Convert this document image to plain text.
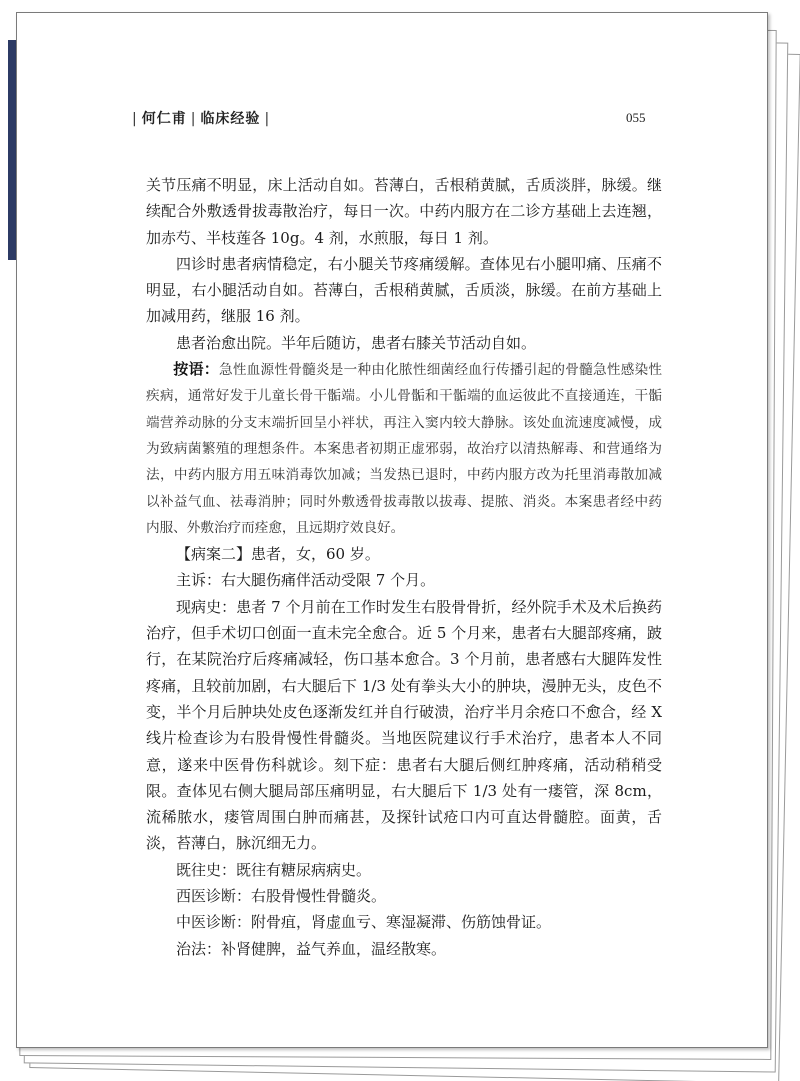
| 何仁甫 | 临床经验 |	055

关节压痛不明显，床上活动自如。苔薄白，舌根稍黄腻，舌质淡胖，脉缓。继续配合外敷透骨拔毒散治疗，每日一次。中药内服方在二诊方基础上去连翘，加赤芍、半枝莲各 10g。4 剂，水煎服，每日 1 剂。

四诊时患者病情稳定，右小腿关节疼痛缓解。查体见右小腿叩痛、压痛不明显，右小腿活动自如。苔薄白，舌根稍黄腻，舌质淡，脉缓。在前方基础上加减用药，继服 16 剂。

患者治愈出院。半年后随访，患者右膝关节活动自如。

按语：急性血源性骨髓炎是一种由化脓性细菌经血行传播引起的骨髓急性感染性疾病，通常好发于儿童长骨干骺端。小儿骨骺和干骺端的血运彼此不直接通连，干骺端营养动脉的分支末端折回呈小袢状，再注入窦内较大静脉。该处血流速度减慢，成为致病菌繁殖的理想条件。本案患者初期正虚邪弱，故治疗以清热解毒、和营通络为法，中药内服方用五味消毒饮加减；当发热已退时，中药内服方改为托里消毒散加减以补益气血、祛毒消肿；同时外敷透骨拔毒散以拔毒、提脓、消炎。本案患者经中药内服、外敷治疗而痊愈，且远期疗效良好。

【病案二】患者，女，60 岁。

主诉：右大腿伤痛伴活动受限 7 个月。

现病史：患者 7 个月前在工作时发生右股骨骨折，经外院手术及术后换药治疗，但手术切口创面一直未完全愈合。近 5 个月来，患者右大腿部疼痛，跛行，在某院治疗后疼痛减轻，伤口基本愈合。3 个月前，患者感右大腿阵发性疼痛，且较前加剧，右大腿后下 1/3 处有拳头大小的肿块，漫肿无头，皮色不变，半个月后肿块处皮色逐渐发红并自行破溃，治疗半月余疮口不愈合，经 X 线片检查诊为右股骨慢性骨髓炎。当地医院建议行手术治疗，患者本人不同意，遂来中医骨伤科就诊。刻下症：患者右大腿后侧红肿疼痛，活动稍稍受限。查体见右侧大腿局部压痛明显，右大腿后下 1/3 处有一瘘管，深 8cm，流稀脓水，瘘管周围白肿而痛甚，及探针试疮口内可直达骨髓腔。面黄，舌淡，苔薄白，脉沉细无力。

既往史：既往有糖尿病病史。

西医诊断：右股骨慢性骨髓炎。

中医诊断：附骨疽，肾虚血亏、寒湿凝滞、伤筋蚀骨证。

治法：补肾健脾，益气养血，温经散寒。
